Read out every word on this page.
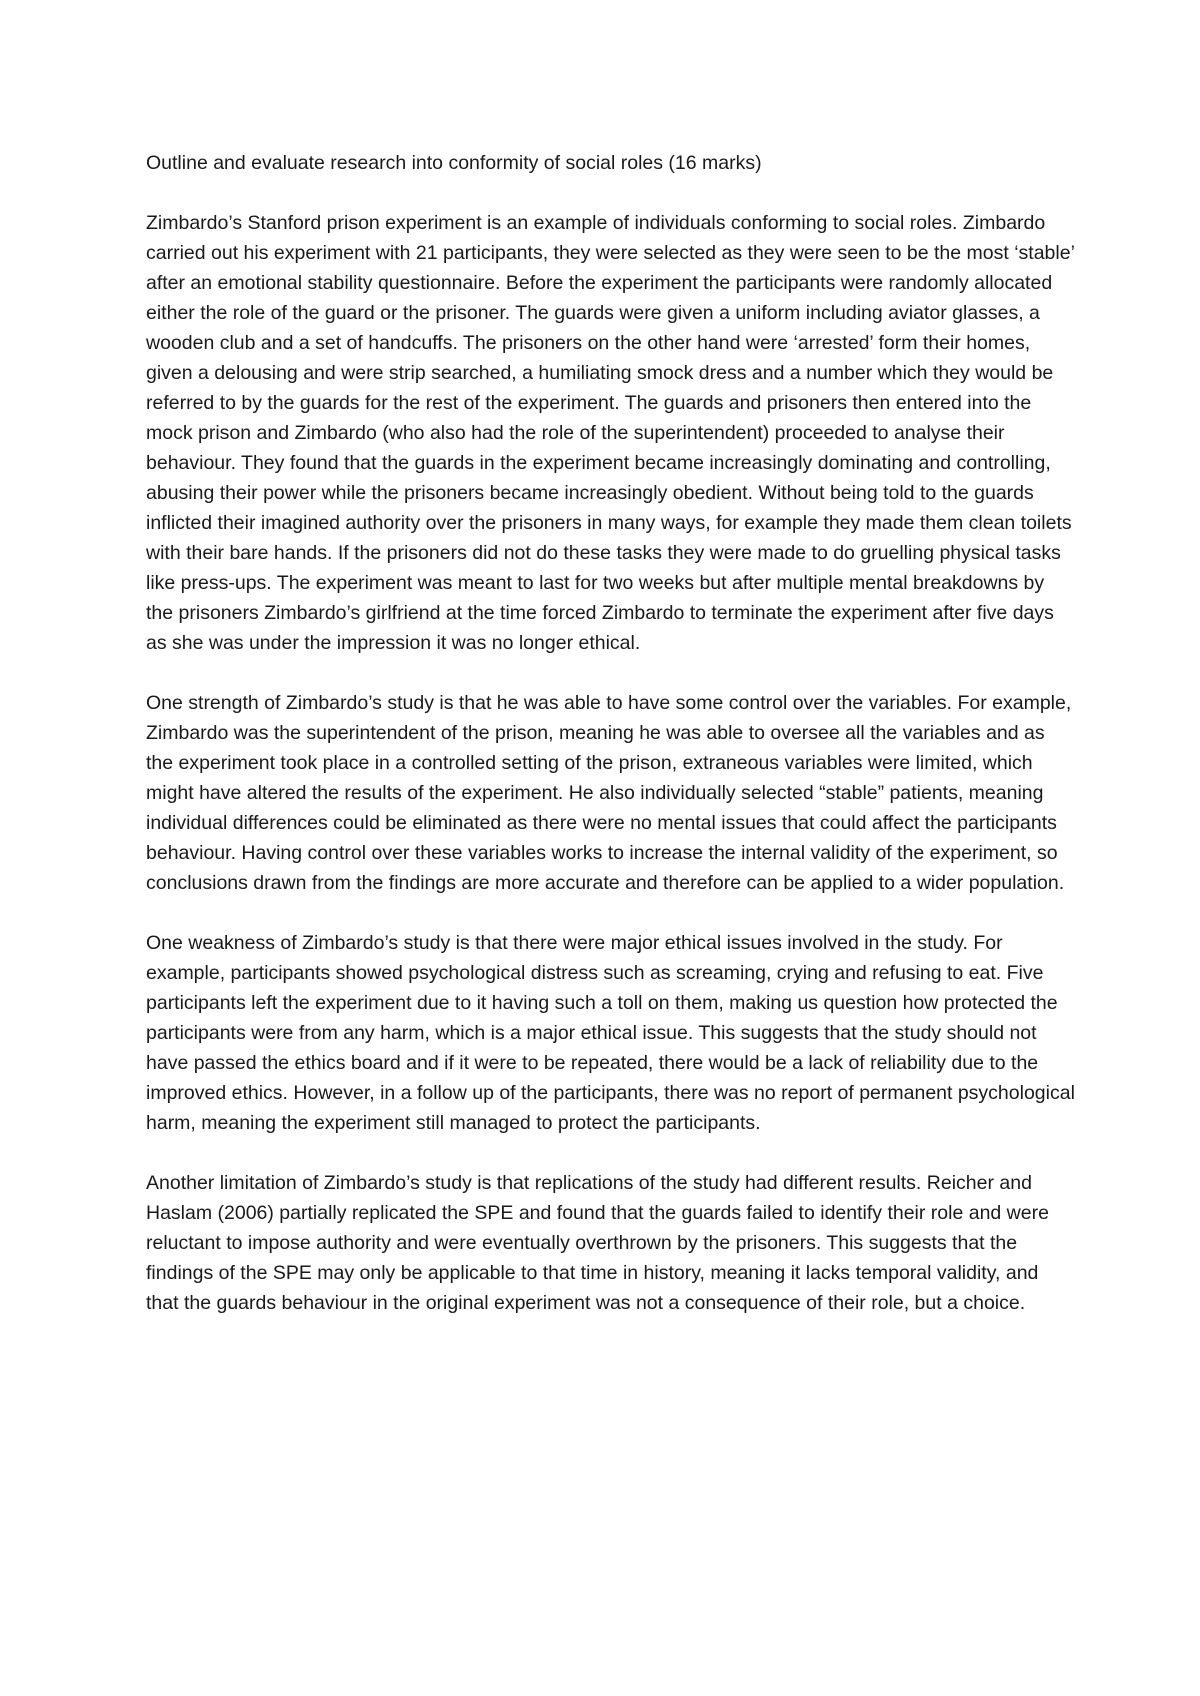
Outline and evaluate research into conformity of social roles (16 marks)

Zimbardo’s Stanford prison experiment is an example of individuals conforming to social roles. Zimbardo carried out his experiment with 21 participants, they were selected as they were seen to be the most ‘stable’ after an emotional stability questionnaire. Before the experiment the participants were randomly allocated either the role of the guard or the prisoner. The guards were given a uniform including aviator glasses, a wooden club and a set of handcuffs. The prisoners on the other hand were ‘arrested’ form their homes, given a delousing and were strip searched, a humiliating smock dress and a number which they would be referred to by the guards for the rest of the experiment. The guards and prisoners then entered into the mock prison and Zimbardo (who also had the role of the superintendent) proceeded to analyse their behaviour. They found that the guards in the experiment became increasingly dominating and controlling, abusing their power while the prisoners became increasingly obedient. Without being told to the guards inflicted their imagined authority over the prisoners in many ways, for example they made them clean toilets with their bare hands. If the prisoners did not do these tasks they were made to do gruelling physical tasks like press-ups. The experiment was meant to last for two weeks but after multiple mental breakdowns by the prisoners Zimbardo’s girlfriend at the time forced Zimbardo to terminate the experiment after five days as she was under the impression it was no longer ethical.

One strength of Zimbardo’s study is that he was able to have some control over the variables. For example, Zimbardo was the superintendent of the prison, meaning he was able to oversee all the variables and as the experiment took place in a controlled setting of the prison, extraneous variables were limited, which might have altered the results of the experiment. He also individually selected “stable” patients, meaning individual differences could be eliminated as there were no mental issues that could affect the participants behaviour. Having control over these variables works to increase the internal validity of the experiment, so conclusions drawn from the findings are more accurate and therefore can be applied to a wider population.

One weakness of Zimbardo’s study is that there were major ethical issues involved in the study. For example, participants showed psychological distress such as screaming, crying and refusing to eat. Five participants left the experiment due to it having such a toll on them, making us question how protected the participants were from any harm, which is a major ethical issue. This suggests that the study should not have passed the ethics board and if it were to be repeated, there would be a lack of reliability due to the improved ethics. However, in a follow up of the participants, there was no report of permanent psychological harm, meaning the experiment still managed to protect the participants.

Another limitation of Zimbardo’s study is that replications of the study had different results. Reicher and Haslam (2006) partially replicated the SPE and found that the guards failed to identify their role and were reluctant to impose authority and were eventually overthrown by the prisoners. This suggests that the findings of the SPE may only be applicable to that time in history, meaning it lacks temporal validity, and that the guards behaviour in the original experiment was not a consequence of their role, but a choice.
